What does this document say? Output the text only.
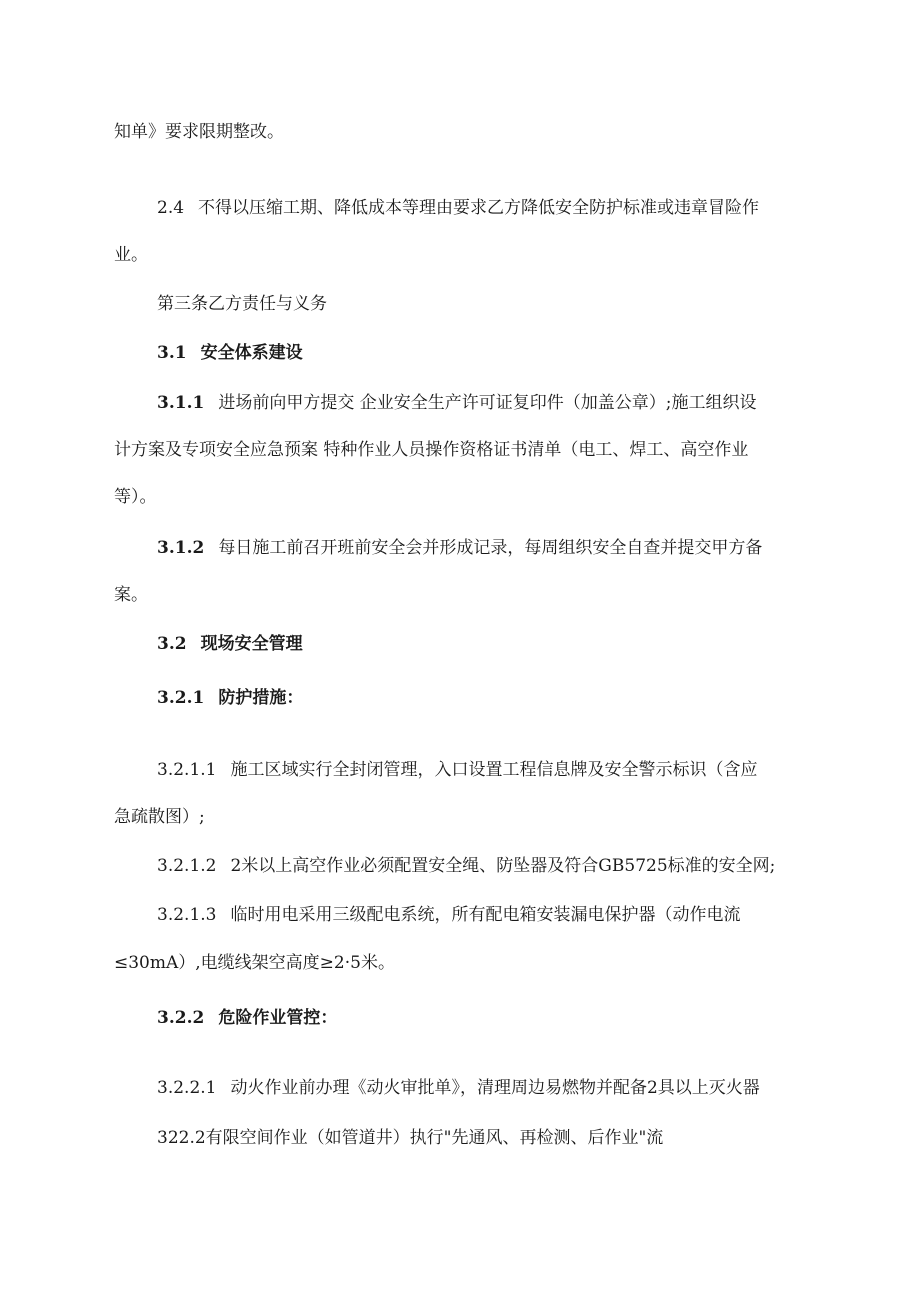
知单》要求限期整改。
2.4 不得以压缩工期、降低成本等理由要求乙方降低安全防护标准或违章冒险作
业。
第三条乙方责任与义务
3.1 安全体系建设
3.1.1 进场前向甲方提交 企业安全生产许可证复印件（加盖公章）;施工组织设
计方案及专项安全应急预案 特种作业人员操作资格证书清单（电工、焊工、高空作业
等）。
3.1.2 每日施工前召开班前安全会并形成记录，每周组织安全自查并提交甲方备
案。
3.2 现场安全管理
3.2.1 防护措施：
3.2.1.1 施工区域实行全封闭管理，入口设置工程信息牌及安全警示标识（含应
急疏散图）;
3.2.1.2 2米以上高空作业必须配置安全绳、防坠器及符合GB5725标准的安全网;
3.2.1.3 临时用电采用三级配电系统，所有配电箱安装漏电保护器（动作电流
≤30mA）,电缆线架空高度≥2·5米。
3.2.2 危险作业管控：
3.2.2.1 动火作业前办理《动火审批单》，清理周边易燃物并配备2具以上灭火器
322.2有限空间作业（如管道井）执行"先通风、再检测、后作业"流
